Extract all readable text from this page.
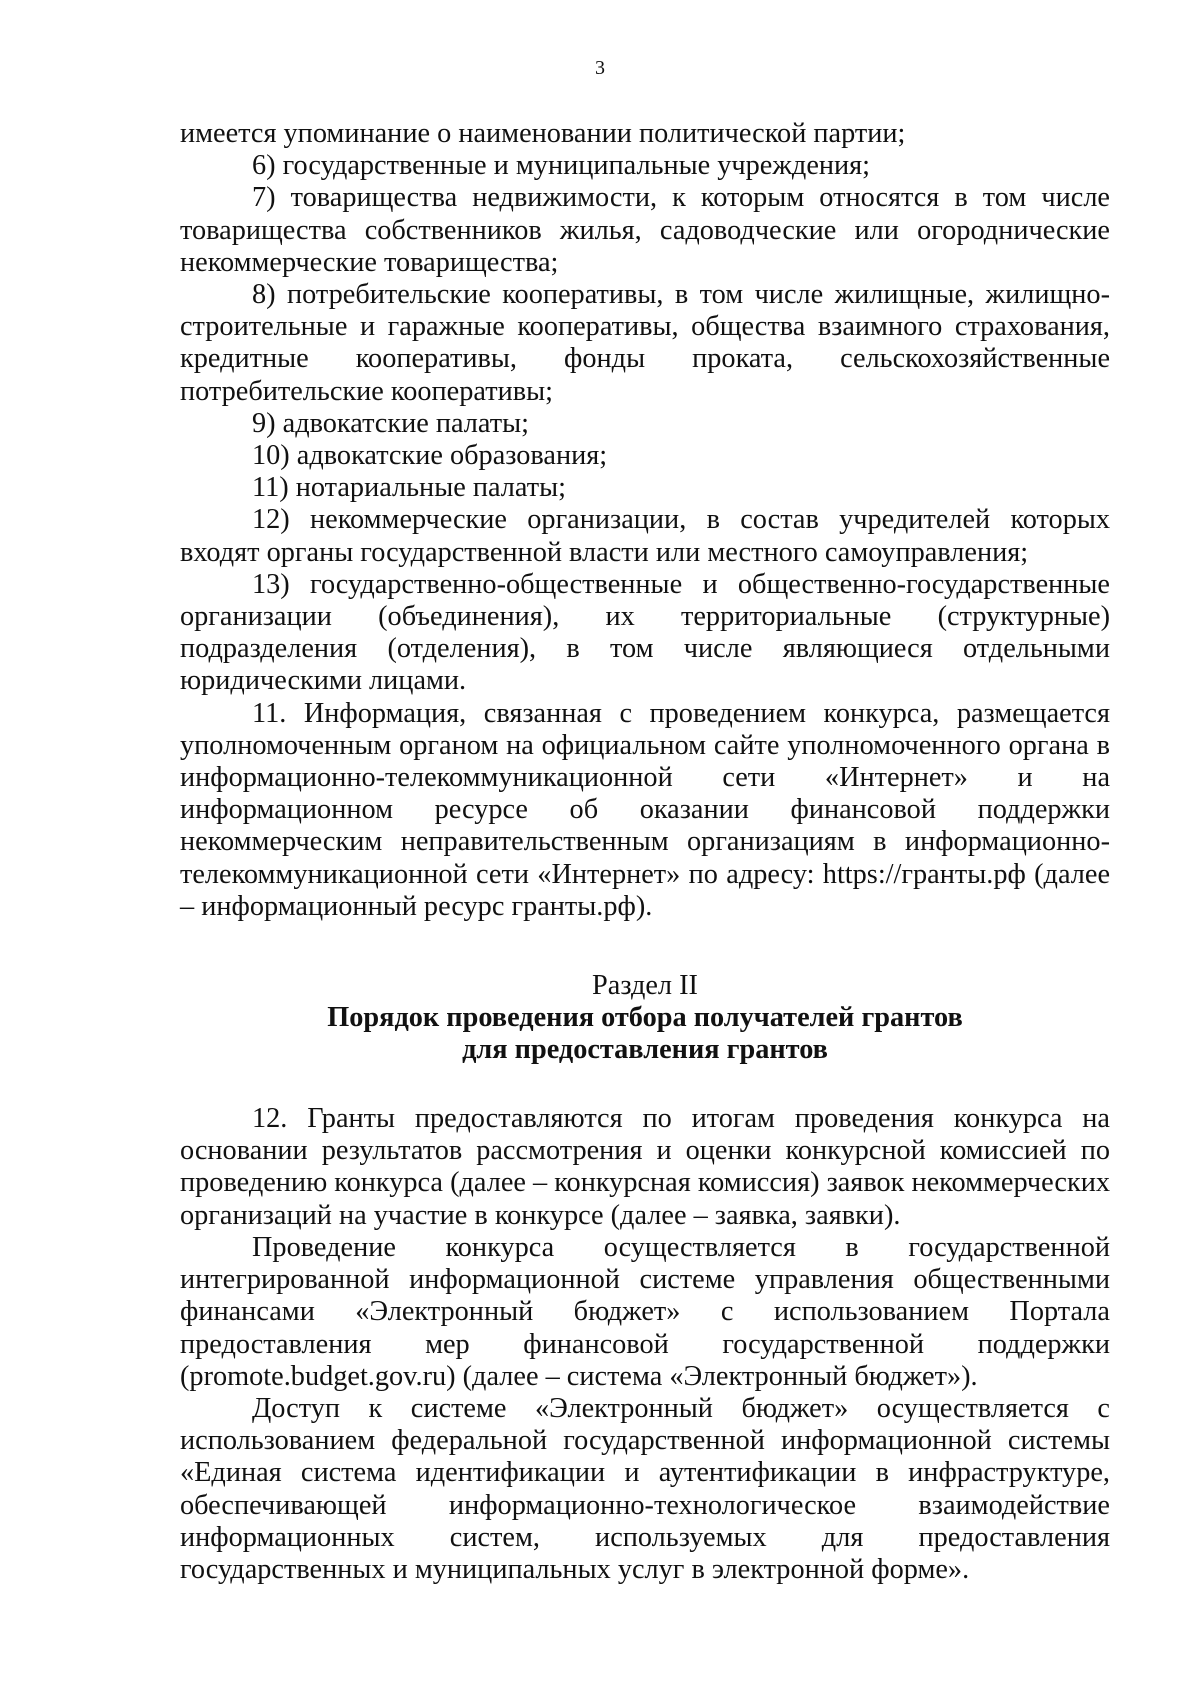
3

имеется упоминание о наименовании политической партии;

6) государственные и муниципальные учреждения;

7) товарищества недвижимости, к которым относятся в том числе товарищества собственников жилья, садоводческие или огороднические некоммерческие товарищества;

8) потребительские кооперативы, в том числе жилищные, жилищно-строительные и гаражные кооперативы, общества взаимного страхования, кредитные кооперативы, фонды проката, сельскохозяйственные потребительские кооперативы;

9) адвокатские палаты;

10) адвокатские образования;

11) нотариальные палаты;

12) некоммерческие организации, в состав учредителей которых входят органы государственной власти или местного самоуправления;

13) государственно-общественные и общественно-государственные организации (объединения), их территориальные (структурные) подразделения (отделения), в том числе являющиеся отдельными юридическими лицами.

11. Информация, связанная с проведением конкурса, размещается уполномоченным органом на официальном сайте уполномоченного органа в информационно-телекоммуникационной сети «Интернет» и на информационном ресурсе об оказании финансовой поддержки некоммерческим неправительственным организациям в информационно-телекоммуникационной сети «Интернет» по адресу: https://гранты.рф (далее – информационный ресурс гранты.рф).

Раздел II
Порядок проведения отбора получателей грантов
для предоставления грантов

12. Гранты предоставляются по итогам проведения конкурса на основании результатов рассмотрения и оценки конкурсной комиссией по проведению конкурса (далее – конкурсная комиссия) заявок некоммерческих организаций на участие в конкурсе (далее – заявка, заявки).

Проведение конкурса осуществляется в государственной интегрированной информационной системе управления общественными финансами «Электронный бюджет» с использованием Портала предоставления мер финансовой государственной поддержки (promote.budget.gov.ru) (далее – система «Электронный бюджет»).

Доступ к системе «Электронный бюджет» осуществляется с использованием федеральной государственной информационной системы «Единая система идентификации и аутентификации в инфраструктуре, обеспечивающей информационно-технологическое взаимодействие информационных систем, используемых для предоставления государственных и муниципальных услуг в электронной форме».
